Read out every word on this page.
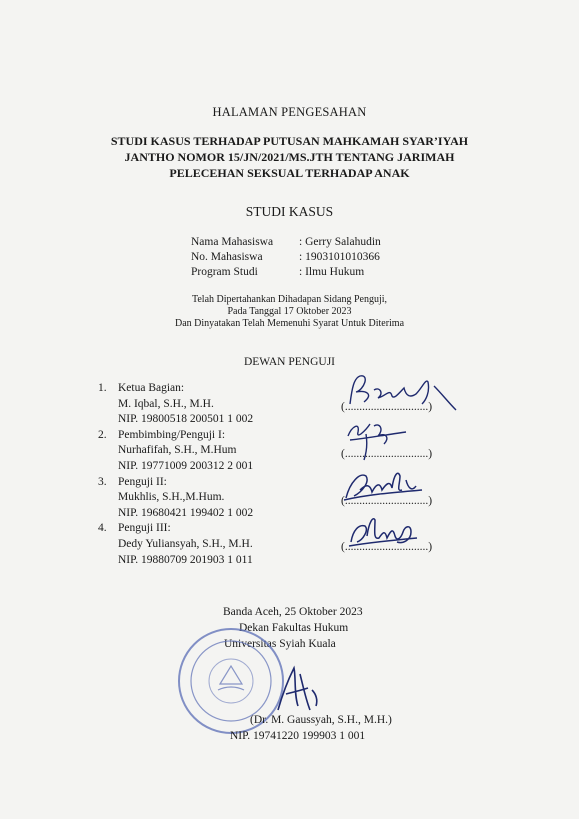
HALAMAN PENGESAHAN
STUDI KASUS TERHADAP PUTUSAN MAHKAMAH SYAR’IYAH
JANTHO NOMOR 15/JN/2021/MS.JTH TENTANG JARIMAH
PELECEHAN SEKSUAL TERHADAP ANAK
STUDI KASUS
Nama Mahasiswa	: Gerry Salahudin
No. Mahasiswa	: 1903101010366
Program Studi	: Ilmu Hukum
Telah Dipertahankan Dihadapan Sidang Penguji,
Pada Tanggal 17 Oktober 2023
Dan Dinyatakan Telah Memenuhi Syarat Untuk Diterima
DEWAN PENGUJI
1. Ketua Bagian:
M. Iqbal, S.H., M.H.
NIP. 19800518 200501 1 002
2. Pembimbing/Penguji I:
Nurhafifah, S.H., M.Hum
NIP. 19771009 200312 2 001
3. Penguji II:
Mukhlis, S.H.,M.Hum.
NIP. 19680421 199402 1 002
4. Penguji III:
Dedy Yuliansyah, S.H., M.H.
NIP. 19880709 201903 1 011
(.............................)
(.............................)
(.............................)
(.............................)
Banda Aceh, 25 Oktober 2023
Dekan Fakultas Hukum
Universitas Syiah Kuala
(Dr. M. Gaussyah, S.H., M.H.)
NIP. 19741220 199903 1 001
